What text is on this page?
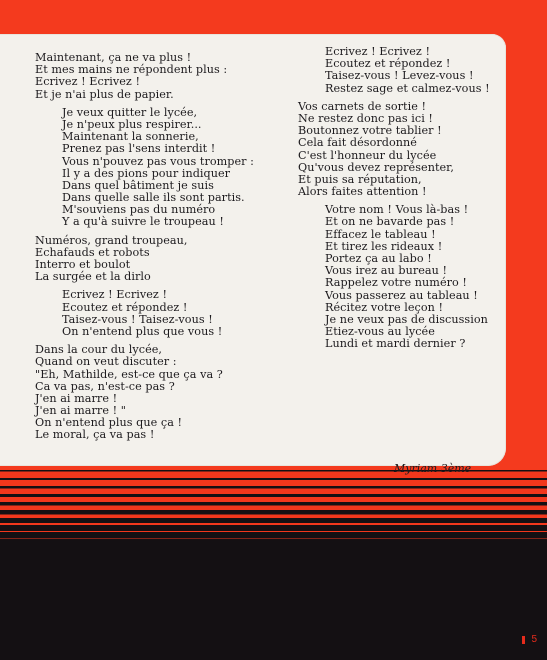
Maintenant, ça ne va plus !
Et mes mains ne répondent plus :
Ecrivez ! Ecrivez !
Et je n'ai plus de papier.
Je veux quitter le lycée,
Je n'peux plus respirer...
Maintenant la sonnerie,
Prenez pas l'sens interdit !
Vous n'pouvez pas vous tromper :
Il y a des pions pour indiquer
Dans quel bâtiment je suis
Dans quelle salle ils sont partis.
M'souviens pas du numéro
Y a qu'à suivre le troupeau !
Numéros, grand troupeau,
Echafauds et robots
Interro et boulot
La surgée et la dirlo
Ecrivez ! Ecrivez !
Ecoutez et répondez !
Taisez-vous ! Taisez-vous !
On n'entend plus que vous !
Dans la cour du lycée,
Quand on veut discuter :
"Eh, Mathilde, est-ce que ça va ?
Ca va pas, n'est-ce pas ?
J'en ai marre !
J'en ai marre ! "
On n'entend plus que ça !
Le moral, ça va pas !
Ecrivez ! Ecrivez !
Ecoutez et répondez !
Taisez-vous ! Levez-vous !
Restez sage et calmez-vous !
Vos carnets de sortie !
Ne restez donc pas ici !
Boutonnez votre tablier !
Cela fait désordonné
C'est l'honneur du lycée
Qu'vous devez représenter,
Et puis sa réputation,
Alors faites attention !
Votre nom ! Vous là-bas !
Et on ne bavarde pas !
Effacez le tableau !
Et tirez les rideaux !
Portez ça au labo !
Vous irez au bureau !
Rappelez votre numéro !
Vous passerez au tableau !
Récitez votre leçon !
Je ne veux pas de discussion
Etiez-vous au lycée
Lundi et mardi dernier ?
Myriam 3ème
5
